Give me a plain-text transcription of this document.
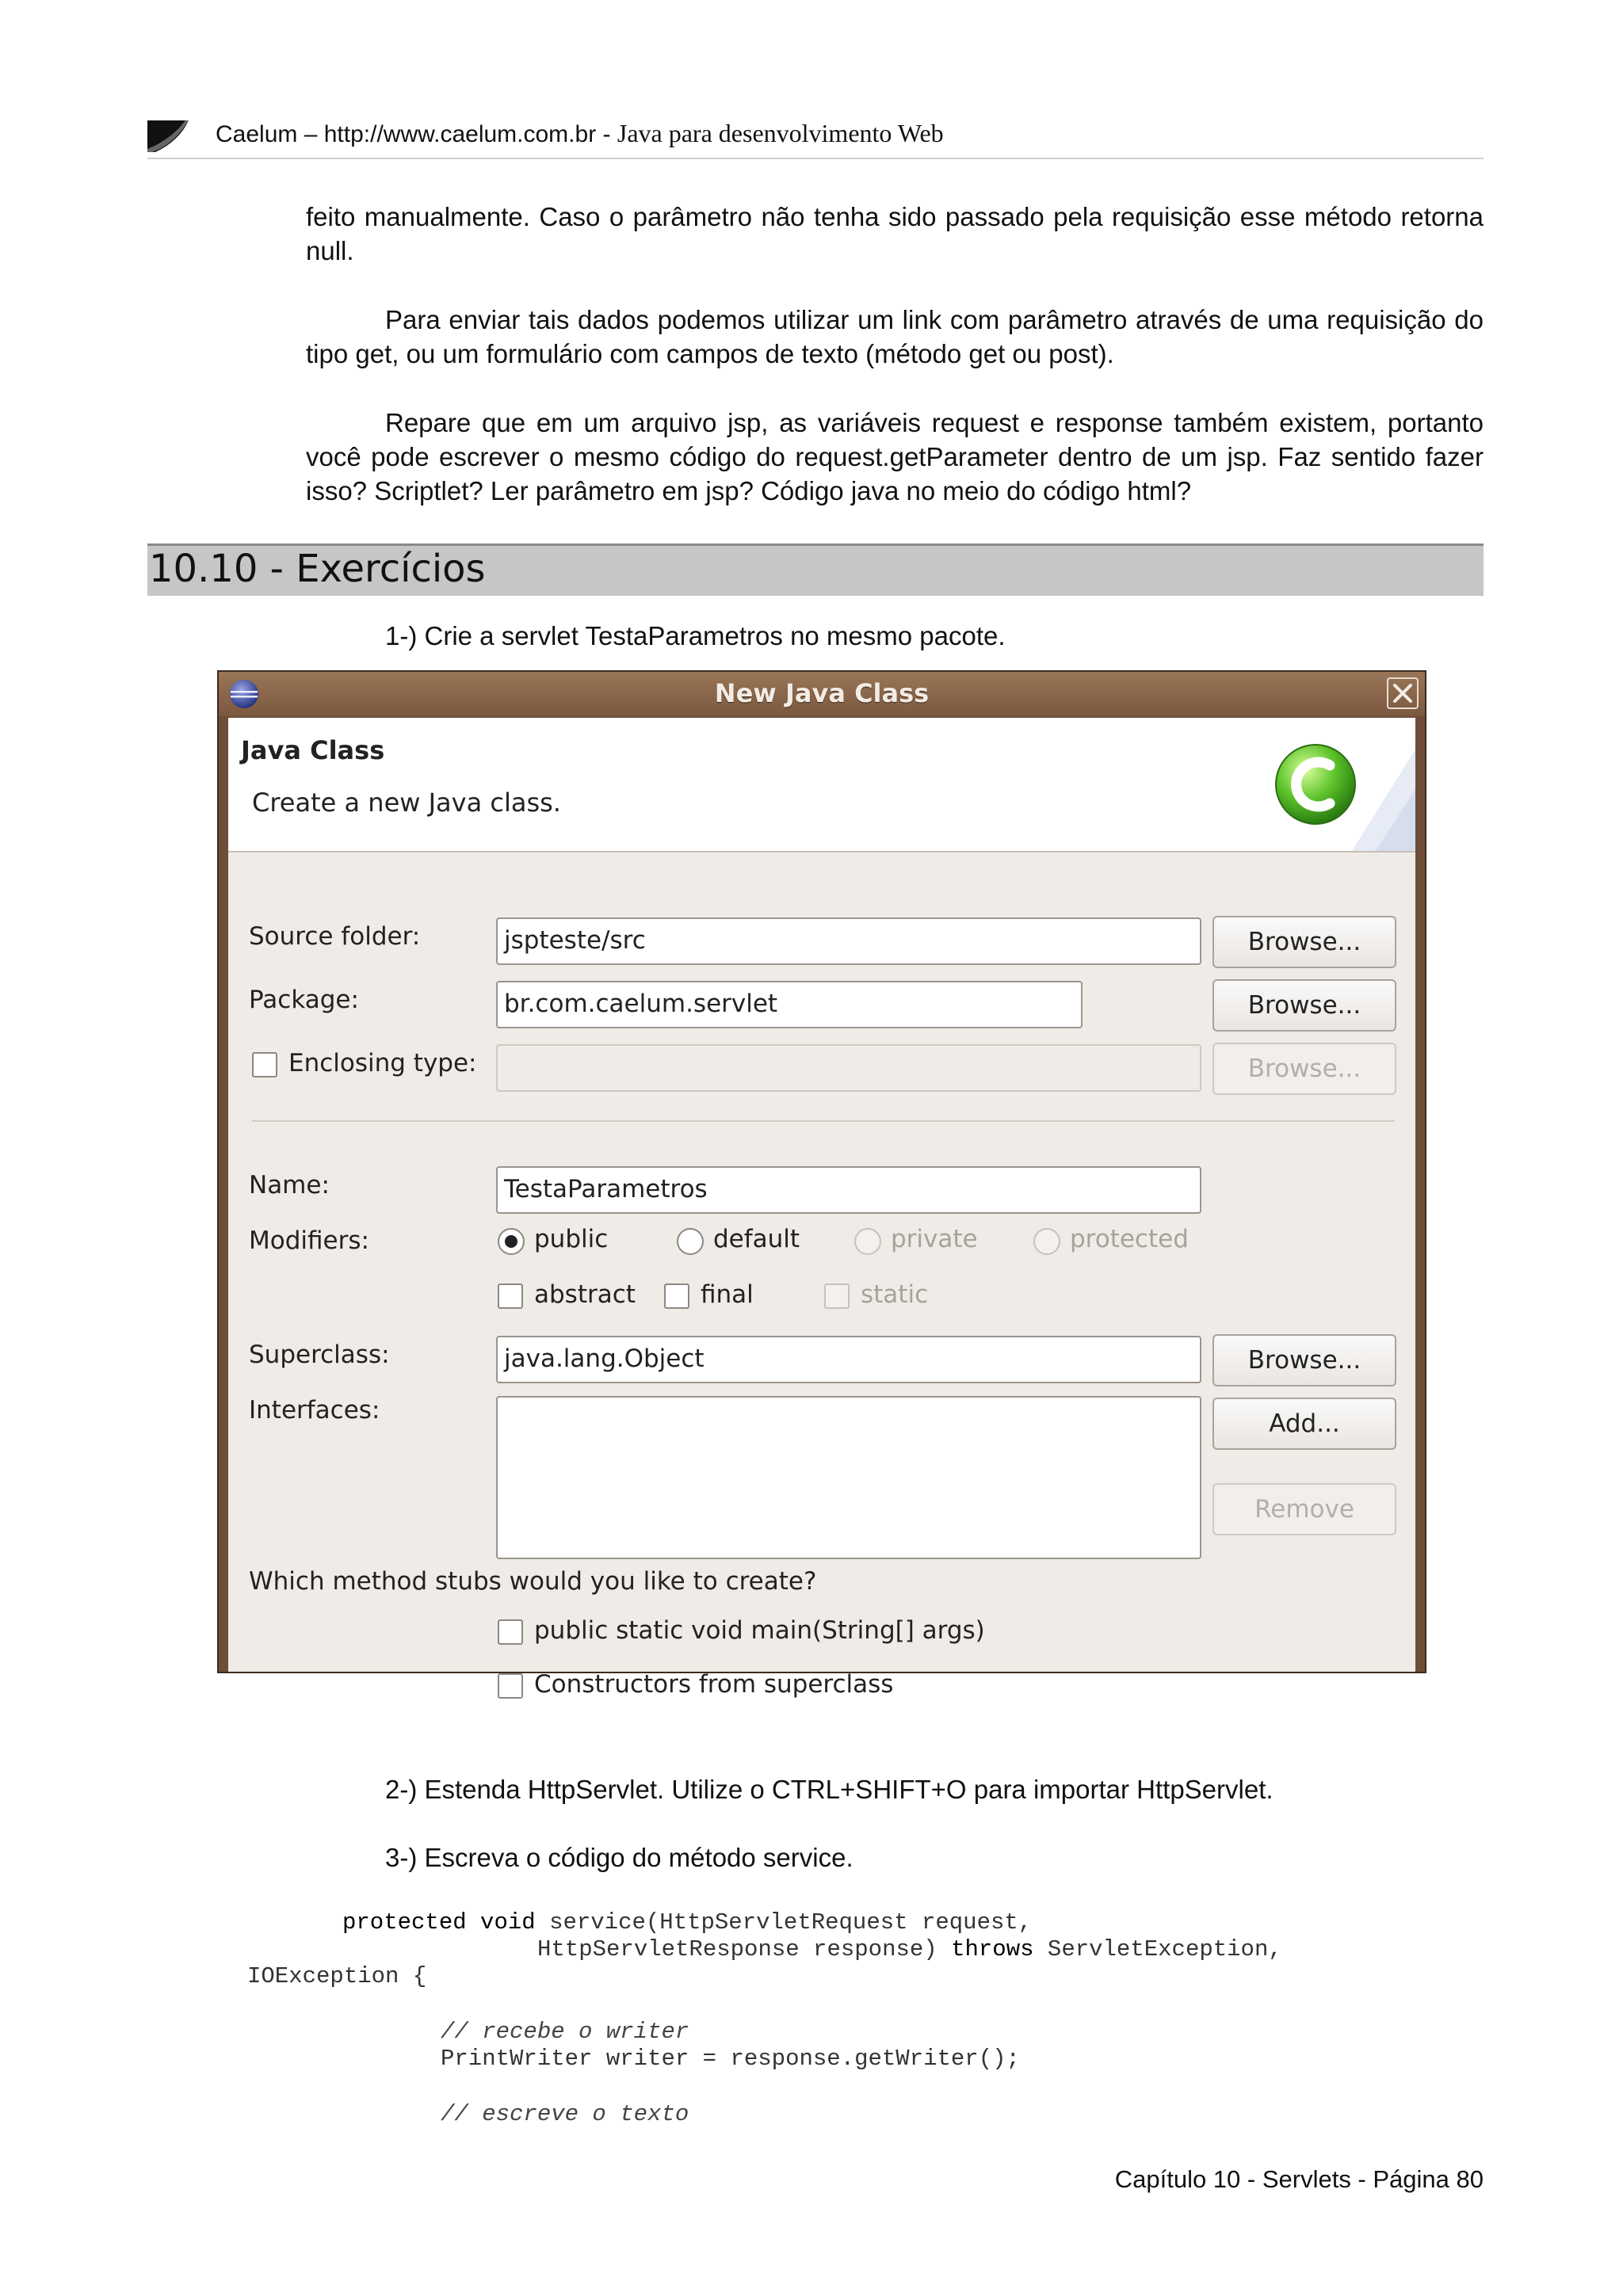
Caelum – http://www.caelum.com.br - Java para desenvolvimento Web
feito manualmente. Caso o parâmetro não tenha sido passado pela requisição esse método retorna null.
Para enviar tais dados podemos utilizar um link com parâmetro através de uma requisição do tipo get, ou um formulário com campos de texto (método get ou post).
Repare que em um arquivo jsp, as variáveis request e response também existem, portanto você pode escrever o mesmo código do request.getParameter dentro de um jsp. Faz sentido fazer isso? Scriptlet? Ler parâmetro em jsp? Código java no meio do código html?
10.10 - Exercícios
1-) Crie a servlet TestaParametros no mesmo pacote.
New Java Class
Java Class
Create a new Java class.
Source folder:	jspteste/src	Browse...
Package:	br.com.caelum.servlet	Browse...
Enclosing type:	Browse...
Name:	TestaParametros
Modifiers:	public	default	private	protected
abstract	final	static
Superclass:	java.lang.Object	Browse...
Interfaces:	Add...
Remove
Which method stubs would you like to create?
public static void main(String[] args)
Constructors from superclass
2-) Estenda HttpServlet. Utilize o CTRL+SHIFT+O para importar HttpServlet.
3-) Escreva o código do método service.
protected void service(HttpServletRequest request,
HttpServletResponse response) throws ServletException,
IOException {
// recebe o writer
PrintWriter writer = response.getWriter();
// escreve o texto
Capítulo 10 - Servlets - Página 80
